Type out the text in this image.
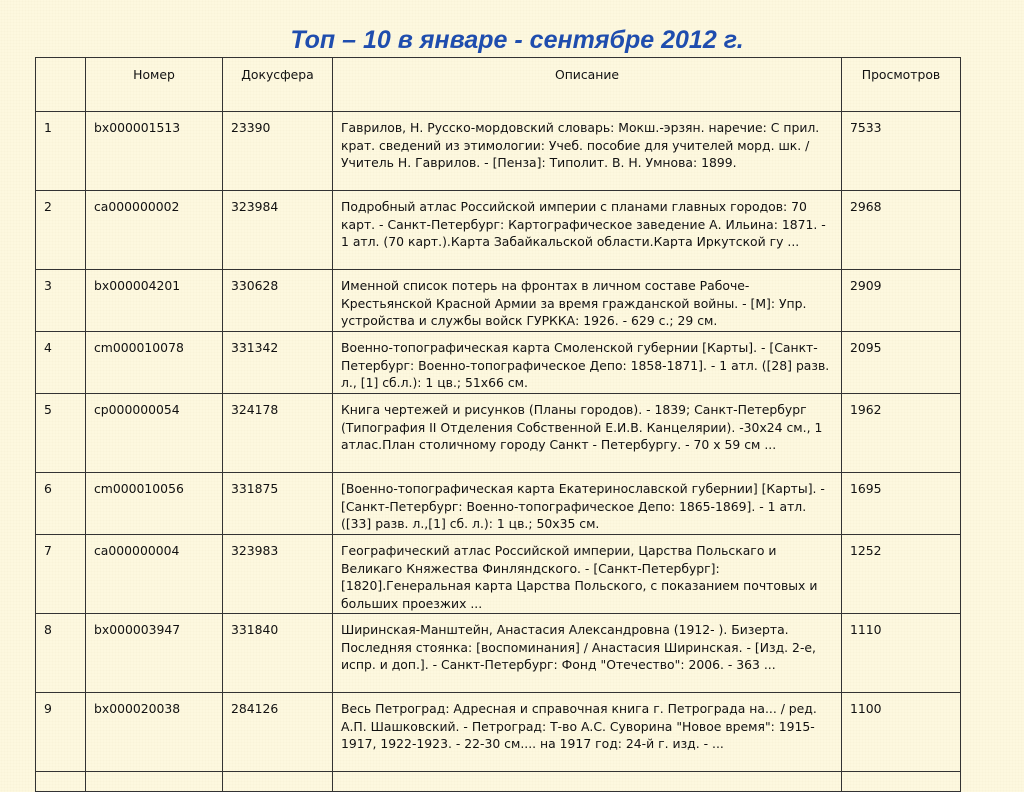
Топ – 10 в январе - сентябре 2012 г.
	Номер	Докусфера	Описание	Просмотров
1	bx000001513	23390	Гаврилов, Н. Русско-мордовский словарь: Мокш.-эрзян. наречие: С прил. крат. сведений из этимологии: Учеб. пособие для учителей морд. шк. / Учитель Н. Гаврилов. - [Пенза]: Типолит. В. Н. Умнова: 1899.	7533
2	ca000000002	323984	Подробный атлас Российской империи с планами главных городов: 70 карт. - Санкт-Петербург: Картографическое заведение А. Ильина: 1871. - 1 атл. (70 карт.).Карта Забайкальской области.Карта Иркутской гу ...	2968
3	bx000004201	330628	Именной список потерь на фронтах в личном составе Рабоче-Крестьянской Красной Армии за время гражданской войны. - [М]: Упр. устройства и службы войск ГУРККА: 1926. - 629 с.; 29 см.	2909
4	cm000010078	331342	Военно-топографическая карта Смоленской губернии [Карты]. - [Санкт-Петербург: Военно-топографическое Депо: 1858-1871]. - 1 атл. ([28] разв. л., [1] сб.л.): 1 цв.; 51x66 см.	2095
5	cp000000054	324178	Книга чертежей и рисунков (Планы городов). - 1839; Санкт-Петербург (Типография II Отделения Собственной Е.И.В. Канцелярии). -30x24 см., 1 атлас.План столичному городу Санкт - Петербургу. - 70 x 59 см ...	1962
6	cm000010056	331875	[Военно-топографическая карта Екатеринославской губернии] [Карты]. - [Санкт-Петербург: Военно-топографическое Депо: 1865-1869]. - 1 атл. ([33] разв. л.,[1] сб. л.): 1 цв.; 50x35 см.	1695
7	ca000000004	323983	Географический атлас Российской империи, Царства Польскаго и Великаго Княжества Финляндского. - [Санкт-Петербург]: [1820].Генеральная карта Царства Польского, с показанием почтовых и больших проезжих ...	1252
8	bx000003947	331840	Ширинская-Манштейн, Анастасия Александровна (1912- ). Бизерта. Последняя стоянка: [воспоминания] / Анастасия Ширинская. - [Изд. 2-е, испр. и доп.]. - Санкт-Петербург: Фонд "Отечество": 2006. - 363 ...	1110
9	bx000020038	284126	Весь Петроград: Адресная и справочная книга г. Петрограда на... / ред. А.П. Шашковский. - Петроград: Т-во А.С. Суворина "Новое время": 1915-1917, 1922-1923. - 22-30 см.... на 1917 год: 24-й г. изд. - ...	1100
